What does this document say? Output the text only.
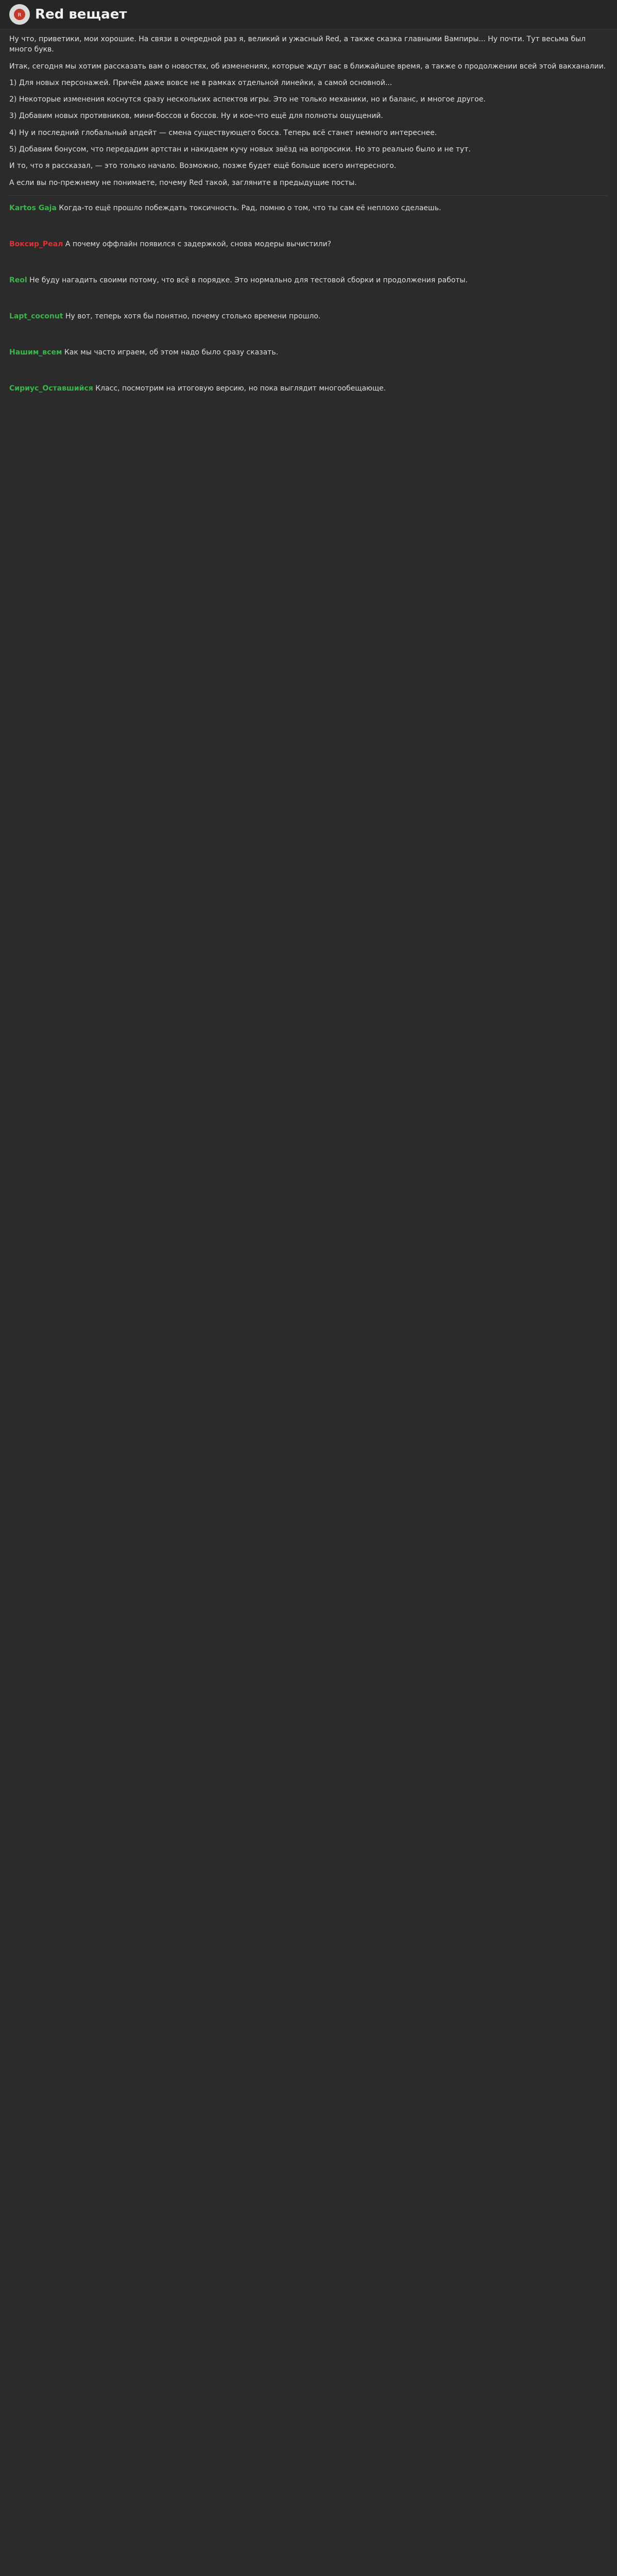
R Red вещает

Ну что, приветики, мои хорошие. На связи в очередной раз я, великий и ужасный Red, а также сказка главными Вампиры... Ну почти. Тут весьма был много букв.

Итак, сегодня мы хотим рассказать вам о новостях, об изменениях, которые ждут вас в ближайшее время, а также о продолжении всей этой вакханалии.

1) Для новых персонажей. Причём даже вовсе не в рамках отдельной линейки, а самой основной...

2) Некоторые изменения коснутся сразу нескольких аспектов игры. Это не только механики, но и баланс, и многое другое.

3) Добавим новых противников, мини-боссов и боссов. Ну и кое-что ещё для полноты ощущений.

4) Ну и последний глобальный апдейт — смена существующего босса. Теперь всё станет немного интереснее.

5) Добавим бонусом, что передадим артстан и накидаем кучу новых звёзд на вопросики. Но это реально было и не тут.

И то, что я рассказал, — это только начало. Возможно, позже будет ещё больше всего интересного.

А если вы по-прежнему не понимаете, почему Red такой, загляните в предыдущие посты.

Kartos Gaja Когда-то ещё прошло побеждать токсичность. Рад, помню о том, что ты сам её неплохо сделаешь.
Воксир_Реал А почему оффлайн появился с задержкой, снова модеры вычистили?
Reol Не буду нагадить своими потому, что всё в порядке. Это нормально для тестовой сборки и продолжения работы.
Lapt_coconut Ну вот, теперь хотя бы понятно, почему столько времени прошло.
Нашим_всем Как мы часто играем, об этом надо было сразу сказать.
Сириус_Оставшийся Класс, посмотрим на итоговую версию, но пока выглядит многообещающе.
